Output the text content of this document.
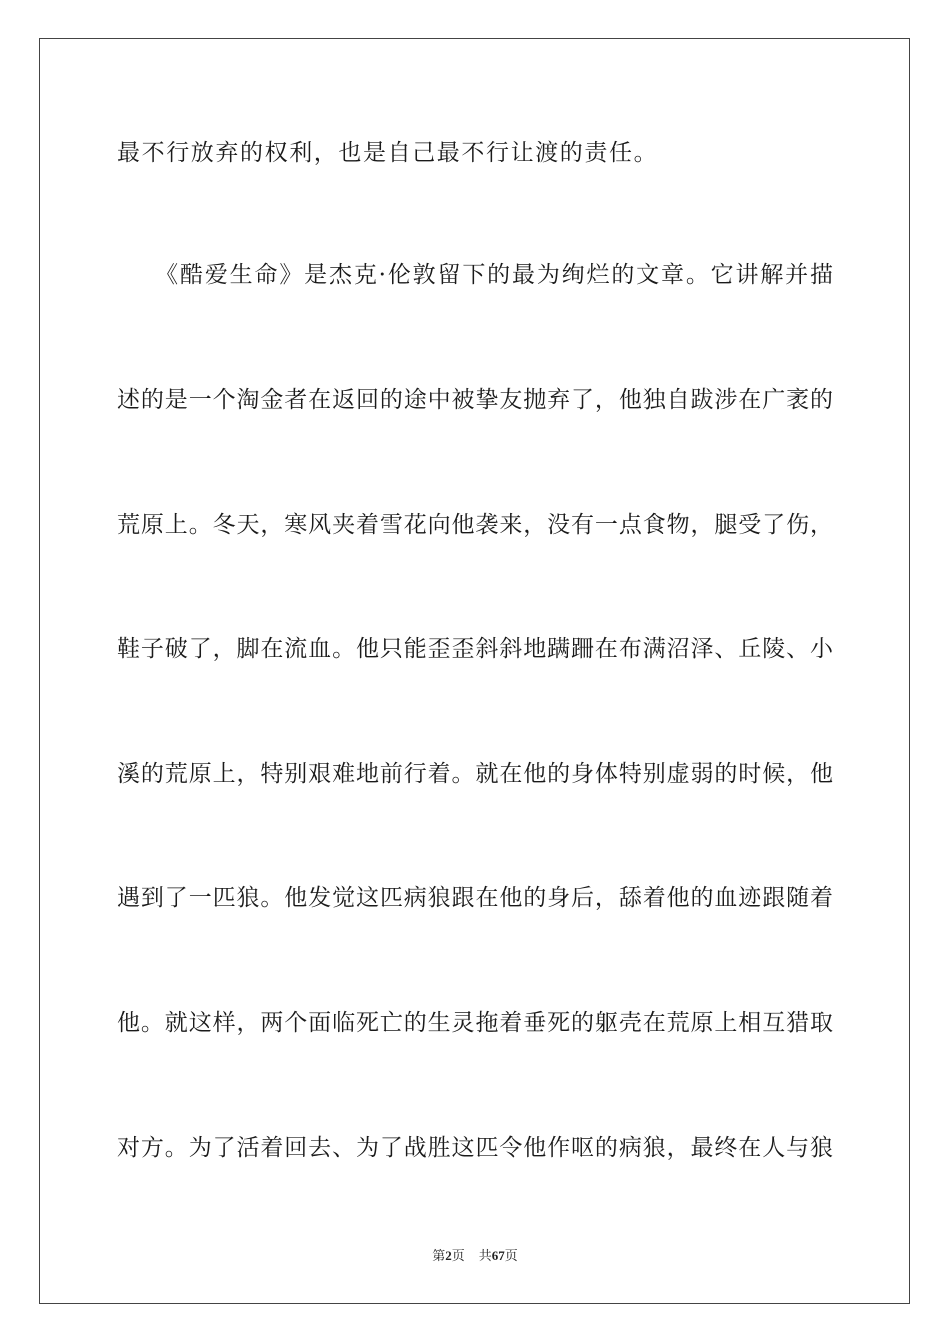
最不行放弃的权利，也是自己最不行让渡的责任。
　　《酷爱生命》是杰克·伦敦留下的最为绚烂的文章。它讲解并描
述的是一个淘金者在返回的途中被挚友抛弃了，他独自跋涉在广袤的
荒原上。冬天，寒风夹着雪花向他袭来，没有一点食物，腿受了伤，
鞋子破了，脚在流血。他只能歪歪斜斜地蹒跚在布满沼泽、丘陵、小
溪的荒原上，特别艰难地前行着。就在他的身体特别虚弱的时候，他
遇到了一匹狼。他发觉这匹病狼跟在他的身后，舔着他的血迹跟随着
他。就这样，两个面临死亡的生灵拖着垂死的躯壳在荒原上相互猎取
对方。为了活着回去、为了战胜这匹令他作呕的病狼，最终在人与狼
第2页 共67页
